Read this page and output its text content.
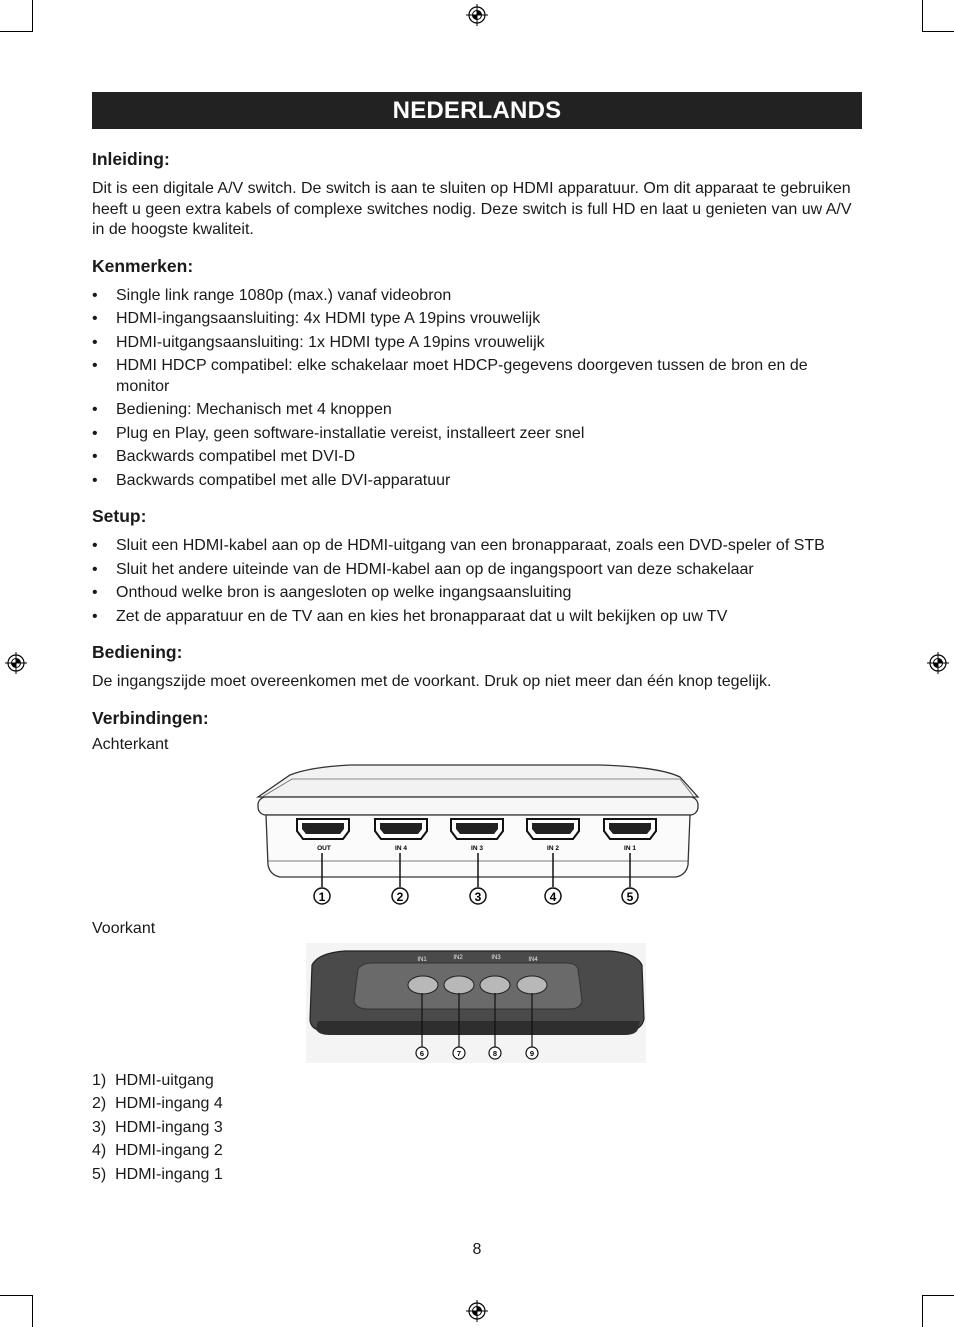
NEDERLANDS
Inleiding:

Dit is een digitale A/V switch. De switch is aan te sluiten op HDMI apparatuur. Om dit apparaat te gebruiken heeft u geen extra kabels of complexe switches nodig. Deze switch is full HD en laat u genieten van uw A/V in de hoogste kwaliteit.

Kenmerken:
• Single link range 1080p (max.) vanaf videobron
• HDMI-ingangsaansluiting: 4x HDMI type A 19pins vrouwelijk
• HDMI-uitgangsaansluiting: 1x HDMI type A 19pins vrouwelijk
• HDMI HDCP compatibel: elke schakelaar moet HDCP-gegevens doorgeven tussen de bron en de monitor
• Bediening: Mechanisch met 4 knoppen
• Plug en Play, geen software-installatie vereist, installeert zeer snel
• Backwards compatibel met DVI-D
• Backwards compatibel met alle DVI-apparatuur
Setup:
• Sluit een HDMI-kabel aan op de HDMI-uitgang van een bronapparaat, zoals een DVD-speler of STB
• Sluit het andere uiteinde van de HDMI-kabel aan op de ingangspoort van deze schakelaar
• Onthoud welke bron is aangesloten op welke ingangsaansluiting
• Zet de apparatuur en de TV aan en kies het bronapparaat dat u wilt bekijken op uw TV
Bediening:

De ingangszijde moet overeenkomen met de voorkant. Druk op niet meer dan één knop tegelijk.

Verbindingen:
Achterkant
OUT	IN 4	IN 3	IN 2	IN 1
1	2	3	4	5
Voorkant
IN1	IN2	IN3	IN4
6	7	8	9
1)  HDMI-uitgang
2)  HDMI-ingang 4
3)  HDMI-ingang 3
4)  HDMI-ingang 2
5)  HDMI-ingang 1
8
